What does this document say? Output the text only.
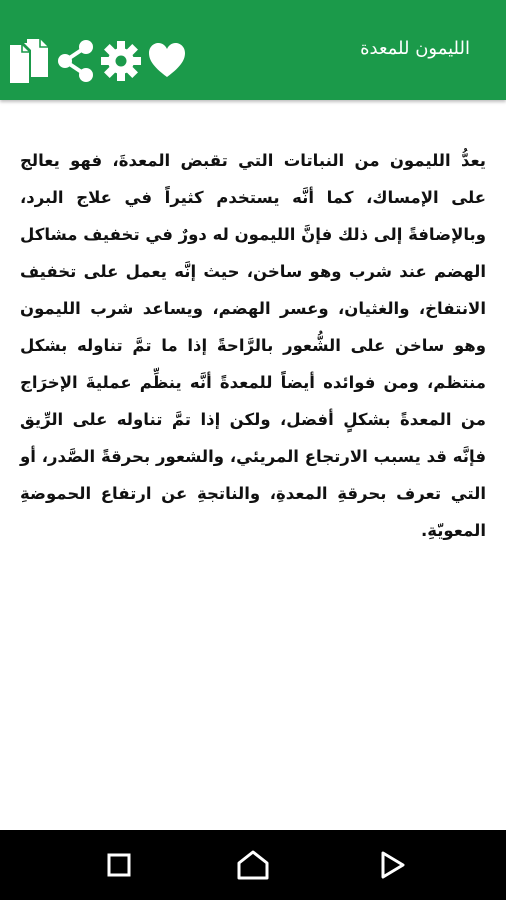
الليمون للمعدة

يعدُّ الليمون من النباتات التي تقبض المعدةَ، فهو يعالج على الإمساك، كما أنَّه يستخدم كثيراً في علاج البرد، وبالإضافةً إلى ذلك فإنَّ الليمون له دورٌ في تخفيف مشاكل الهضم عند شرب وهو ساخن، حيث إنَّه يعمل على تخفيف الانتفاخ، والغثيان، وعسر الهضم، ويساعد شرب الليمون وهو ساخن على الشُّعور بالرَّاحةً إذا ما تمَّ تناوله بشكل منتظم، ومن فوائده أيضاً للمعدةً أنَّه ينظِّم عمليةَ الإخرَاج من المعدةً بشكلٍ أفضل، ولكن إذا تمَّ تناوله على الرِّيق فإنَّه قد يسبب الارتجاع المريئي، والشعور بحرقةً الصَّدر، أو التي تعرف بحرقةِ المعدةِ، والناتجةِ عن ارتفاع الحموضةِ المعويّةِ.
